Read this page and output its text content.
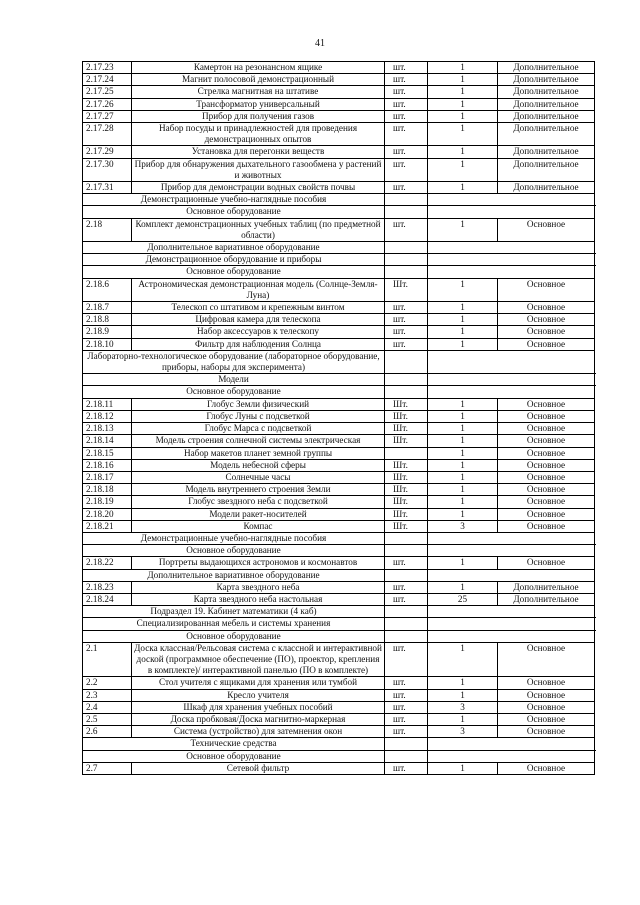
41
2.17.23	Камертон на резонансном ящике	шт.	1	Дополнительное
2.17.24	Магнит полосовой демонстрационный	шт.	1	Дополнительное
2.17.25	Стрелка магнитная на штативе	шт.	1	Дополнительное
2.17.26	Трансформатор универсальный	шт.	1	Дополнительное
2.17.27	Прибор для получения газов	шт.	1	Дополнительное
2.17.28	Набор посуды и принадлежностей для проведения демонстрационных опытов	шт.	1	Дополнительное
2.17.29	Установка для перегонки веществ	шт.	1	Дополнительное
2.17.30	Прибор для обнаружения дыхательного газообмена у растений и животных	шт.	1	Дополнительное
2.17.31	Прибор для демонстрации водных свойств почвы	шт.	1	Дополнительное
Демонстрационные учебно-наглядные пособия				
Основное оборудование				
2.18	Комплект демонстрационных учебных таблиц (по предметной области)	шт.	1	Основное
Дополнительное вариативное оборудование				
Демонстрационное оборудование и приборы				
Основное оборудование				
2.18.6	Астрономическая демонстрационная модель (Солнце-Земля-Луна)	Шт.	1	Основное
2.18.7	Телескоп со штативом и крепежным винтом	шт.	1	Основное
2.18.8	Цифровая камера для телескопа	шт.	1	Основное
2.18.9	Набор аксессуаров к телескопу	шт.	1	Основное
2.18.10	Фильтр для наблюдения Солнца	шт.	1	Основное
Лабораторно-технологическое оборудование (лабораторное оборудование, приборы, наборы для эксперимента)				
Модели				
Основное оборудование				
2.18.11	Глобус Земли физический	Шт.	1	Основное
2.18.12	Глобус Луны с подсветкой	Шт.	1	Основное
2.18.13	Глобус Марса с подсветкой	Шт.	1	Основное
2.18.14	Модель строения солнечной системы электрическая	Шт.	1	Основное
2.18.15	Набор макетов планет земной группы		1	Основное
2.18.16	Модель небесной сферы	Шт.	1	Основное
2.18.17	Солнечные часы	Шт.	1	Основное
2.18.18	Модель внутреннего строения Земли	Шт.	1	Основное
2.18.19	Глобус звездного неба с подсветкой	Шт.	1	Основное
2.18.20	Модели ракет-носителей	Шт.	1	Основное
2.18.21	Компас	Шт.	3	Основное
Демонстрационные учебно-наглядные пособия				
Основное оборудование				
2.18.22	Портреты выдающихся астрономов и космонавтов	шт.	1	Основное
Дополнительное вариативное оборудование				
2.18.23	Карта звездного неба	шт.	1	Дополнительное
2.18.24	Карта звездного неба настольная	шт.	25	Дополнительное
Подраздел 19. Кабинет математики (4 каб)				
Специализированная мебель и системы хранения				
Основное оборудование				
2.1	Доска классная/Рельсовая система с классной и интерактивной доской (программное обеспечение (ПО), проектор, крепления в комплекте)/ интерактивной панелью (ПО в комплекте)	шт.	1	Основное
2.2	Стол учителя с ящиками для хранения или тумбой	шт.	1	Основное
2.3	Кресло учителя	шт.	1	Основное
2.4	Шкаф для хранения учебных пособий	шт.	3	Основное
2.5	Доска пробковая/Доска магнитно-маркерная	шт.	1	Основное
2.6	Система (устройство) для затемнения окон	шт.	3	Основное
Технические средства				
Основное оборудование				
2.7	Сетевой фильтр	шт.	1	Основное
